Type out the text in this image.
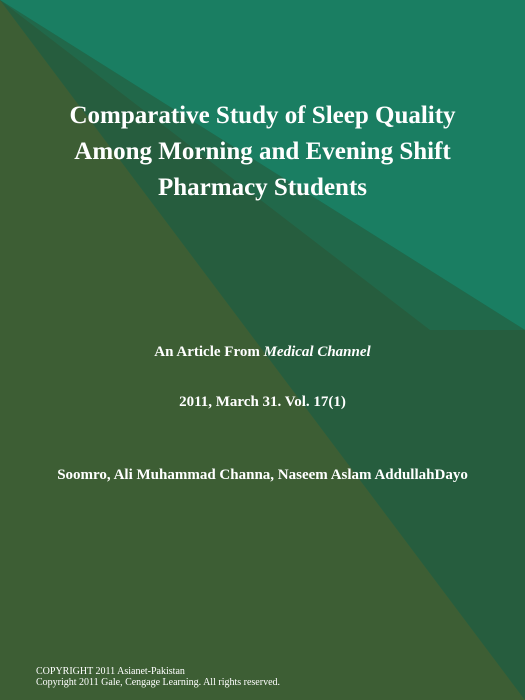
Comparative Study of Sleep Quality
Among Morning and Evening Shift
Pharmacy Students
An Article From Medical Channel
2011, March 31. Vol. 17(1)
Soomro, Ali Muhammad Channa, Naseem Aslam AddullahDayo
COPYRIGHT 2011 Asianet-Pakistan
Copyright 2011 Gale, Cengage Learning. All rights reserved.
